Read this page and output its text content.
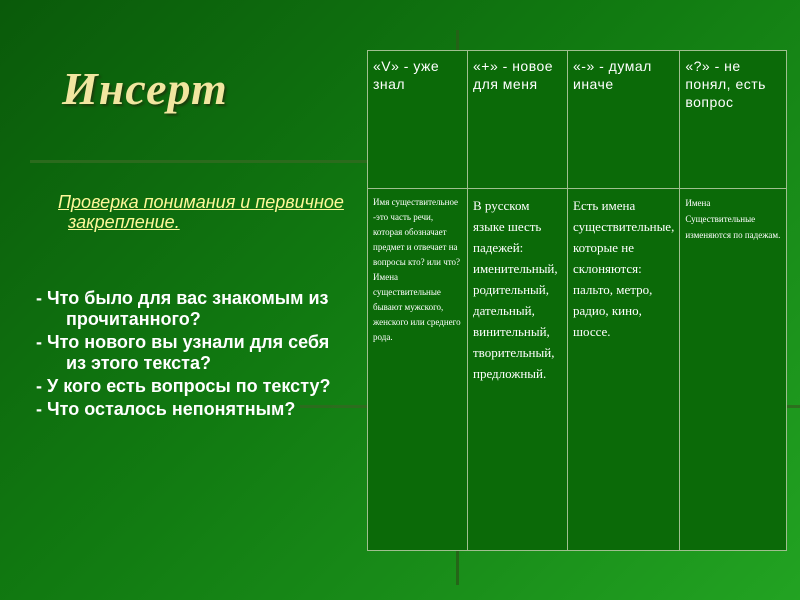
Инсерт
Проверка понимания и первичное закрепление.
- Что было для вас знакомым из прочитанного?
- Что нового вы узнали для себя из этого текста?
- У кого есть вопросы по тексту?
- Что осталось непонятным?
«V» - уже знал	«+» - новое для меня	«-» - думал иначе	«?» - не понял, есть вопрос
Имя существительное -это часть речи, которая обозначает предмет и отвечает на вопросы кто? или что? Имена существительные бывают мужского, женского или среднего рода.	В русском языке шесть падежей: именительный, родительный, дательный, винительный, творительный, предложный.	Есть имена существительные, которые не склоняются: пальто, метро, радио, кино, шоссе.	Имена Существительные изменяются по падежам.
